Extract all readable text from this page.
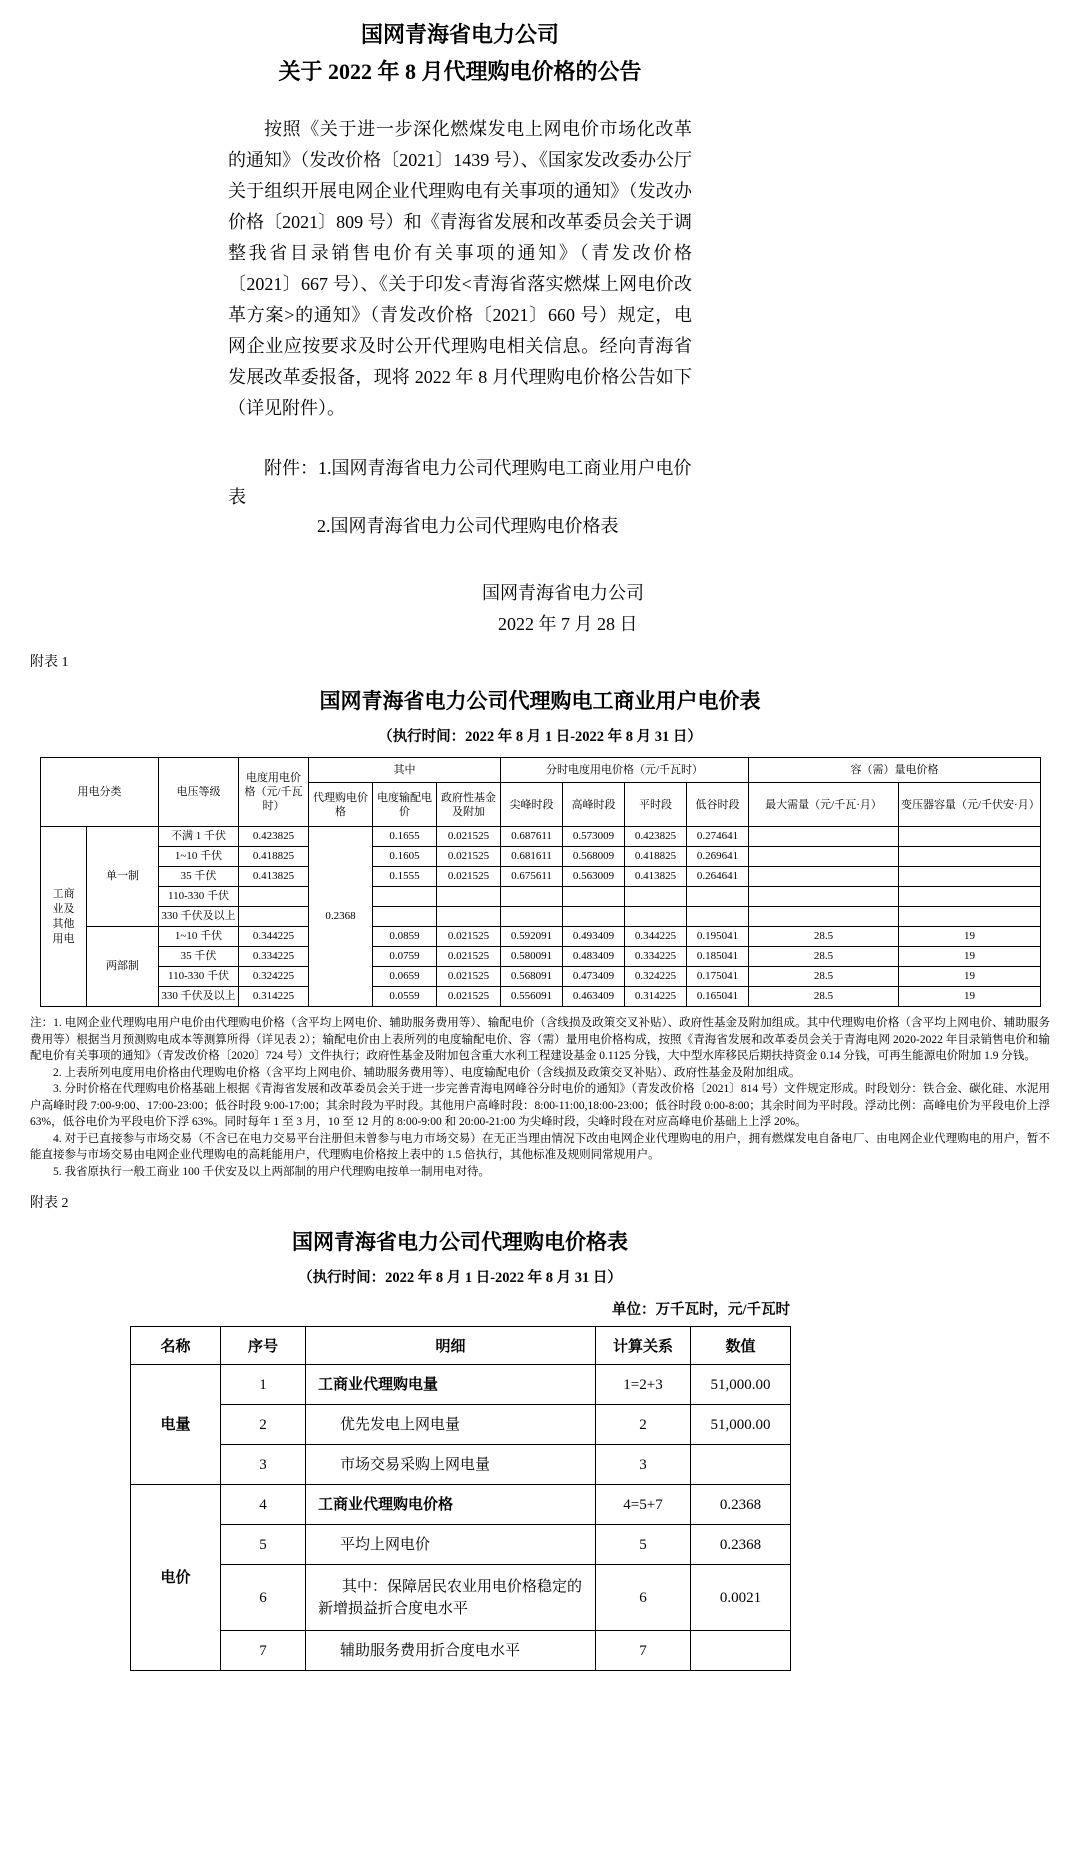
国网青海省电力公司
关于 2022 年 8 月代理购电价格的公告

按照《关于进一步深化燃煤发电上网电价市场化改革的通知》（发改价格〔2021〕1439 号）、《国家发改委办公厅关于组织开展电网企业代理购电有关事项的通知》（发改办价格〔2021〕809 号）和《青海省发展和改革委员会关于调整我省目录销售电价有关事项的通知》（青发改价格〔2021〕667 号）、《关于印发<青海省落实燃煤上网电价改革方案>的通知》（青发改价格〔2021〕660 号）规定，电网企业应按要求及时公开代理购电相关信息。经向青海省发展改革委报备，现将 2022 年 8 月代理购电价格公告如下（详见附件）。

附件：1.国网青海省电力公司代理购电工商业用户电价表

2.国网青海省电力公司代理购电价格表

国网青海省电力公司

2022 年 7 月 28 日

附表 1
国网青海省电力公司代理购电工商业用户电价表
（执行时间：2022 年 8 月 1 日-2022 年 8 月 31 日）
用电分类		电压等级	电度用电价格（元/千瓦时）	其中			分时电度用电价格（元/千瓦时）				容（需）量电价格	
				代理购电价格	电度输配电价	政府性基金及附加	尖峰时段	高峰时段	平时段	低谷时段	最大需量（元/千瓦·月）	变压器容量（元/千伏安·月）
工商业及其他用电	单一制	不满 1 千伏	0.423825	0.2368	0.1655	0.021525	0.687611	0.573009	0.423825	0.274641		
		1~10 千伏	0.418825		0.1605	0.021525	0.681611	0.568009	0.418825	0.269641		
		35 千伏	0.413825		0.1555	0.021525	0.675611	0.563009	0.413825	0.264641		
		110-330 千伏										
		330 千伏及以上										
	两部制	1~10 千伏	0.344225		0.0859	0.021525	0.592091	0.493409	0.344225	0.195041	28.5	19
		35 千伏	0.334225		0.0759	0.021525	0.580091	0.483409	0.334225	0.185041	28.5	19
		110-330 千伏	0.324225		0.0659	0.021525	0.568091	0.473409	0.324225	0.175041	28.5	19
		330 千伏及以上	0.314225		0.0559	0.021525	0.556091	0.463409	0.314225	0.165041	28.5	19

注：1. 电网企业代理购电用户电价由代理购电价格（含平均上网电价、辅助服务费用等）、输配电价（含线损及政策交叉补贴）、政府性基金及附加组成。其中代理购电价格（含平均上网电价、辅助服务费用等）根据当月预测购电成本等测算所得（详见表 2）；输配电价由上表所列的电度输配电价、容（需）量用电价格构成，按照《青海省发展和改革委员会关于青海电网 2020-2022 年目录销售电价和输配电价有关事项的通知》（青发改价格〔2020〕724 号）文件执行；政府性基金及附加包含重大水利工程建设基金 0.1125 分钱，大中型水库移民后期扶持资金 0.14 分钱，可再生能源电价附加 1.9 分钱。

2. 上表所列电度用电价格由代理购电价格（含平均上网电价、辅助服务费用等）、电度输配电价（含线损及政策交叉补贴）、政府性基金及附加组成。

3. 分时价格在代理购电价格基础上根据《青海省发展和改革委员会关于进一步完善青海电网峰谷分时电价的通知》（青发改价格〔2021〕814 号）文件规定形成。时段划分：铁合金、碳化硅、水泥用户高峰时段 7:00-9:00、17:00-23:00；低谷时段 9:00-17:00；其余时段为平时段。其他用户高峰时段：8:00-11:00,18:00-23:00；低谷时段 0:00-8:00；其余时间为平时段。浮动比例：高峰电价为平段电价上浮 63%，低谷电价为平段电价下浮 63%。同时每年 1 至 3 月，10 至 12 月的 8:00-9:00 和 20:00-21:00 为尖峰时段，尖峰时段在对应高峰电价基础上上浮 20%。

4. 对于已直接参与市场交易（不含已在电力交易平台注册但未曾参与电力市场交易）在无正当理由情况下改由电网企业代理购电的用户，拥有燃煤发电自备电厂、由电网企业代理购电的用户，暂不能直接参与市场交易由电网企业代理购电的高耗能用户，代理购电价格按上表中的 1.5 倍执行，其他标准及规则同常规用户。

5. 我省原执行一般工商业 100 千伏安及以上两部制的用户代理购电按单一制用电对待。

附表 2
国网青海省电力公司代理购电价格表
（执行时间：2022 年 8 月 1 日-2022 年 8 月 31 日）
单位：万千瓦时，元/千瓦时
名称	序号	明细	计算关系	数值
电量	1	工商业代理购电量	1=2+3	51,000.00
	2	优先发电上网电量	2	51,000.00
	3	市场交易采购上网电量	3	
电价	4	工商业代理购电价格	4=5+7	0.2368
	5	平均上网电价	5	0.2368
	6	其中：保障居民农业用电价格稳定的新增损益折合度电水平	6	0.0021
	7	辅助服务费用折合度电水平	7	
